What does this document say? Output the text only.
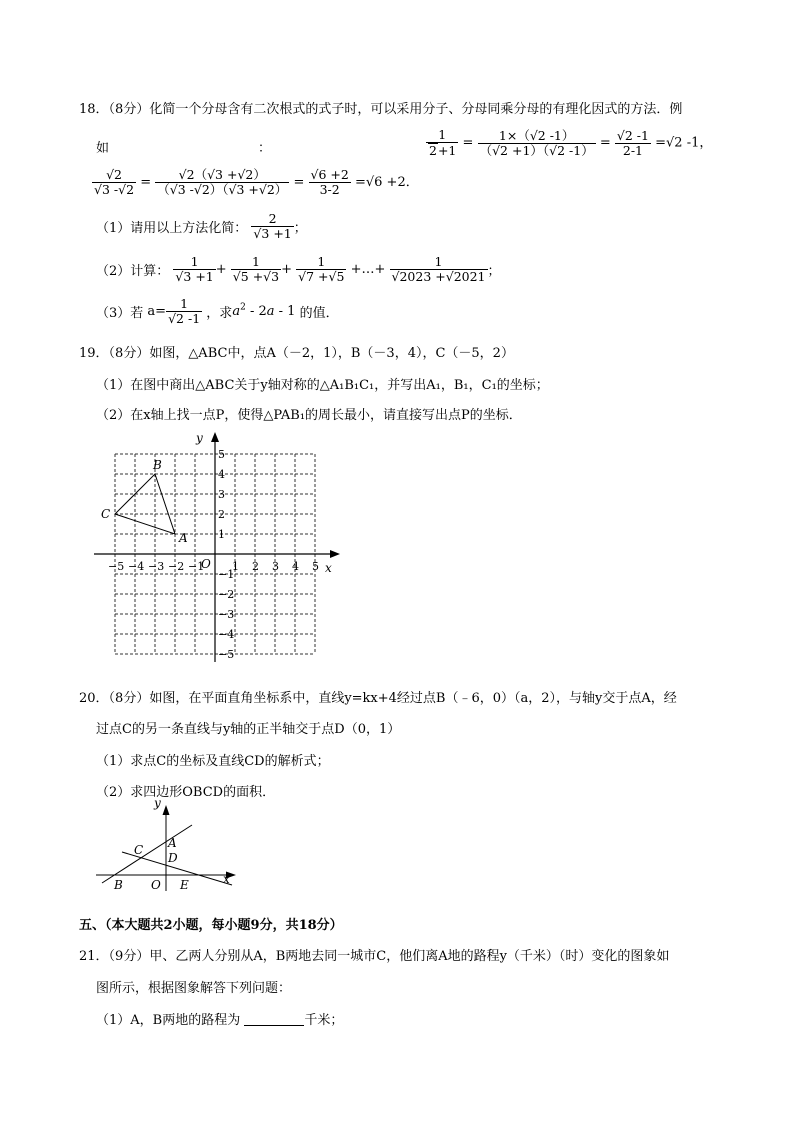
18．（8分）化简一个分母含有二次根式的式子时，可以采用分子、分母同乘分母的有理化因式的方法．例
如	：	$\frac{1}{2+1} = \frac{1\times(√2 -1)}{(√2 +1)(√2 -1)} = \frac{√2 -1}{2-1} =√2$ -1，
$\frac{√2}{√3 -√2} = \frac{√2(√3 +√2)}{(√3 -√2)(√3 +√2)} = \frac{√6 +2}{3-2} =√6 +2$．
（1）请用以上方法化简： $\frac{2}{√3 +1}$ ；
（2）计算： $\frac{1}{√3 +1} + \frac{1}{√5 +√3} + \frac{1}{√7 +√5}$ +…+ $\frac{1}{√2023 +√2021}$ ；
（3）若 $a= \frac{1}{√2 -1}$ ，求$a^2 - 2a - 1$ 的值．
19．（8分）如图，△ABC中，点A（－2，1），B（－3，4），C（－5，2）
（1）在图中商出△ABC关于y轴对称的△A₁B₁C₁，并写出A₁，B₁，C₁的坐标；
（2）在x轴上找一点P，使得△PAB₁的周长最小，请直接写出点P的坐标．
−5 −4 −3 −2 −1	1 2 3 4 5
5
4
3
2
1
−1
−2
−3
−4
−5
A
B
C
x
y
O
20．（8分）如图，在平面直角坐标系中，直线y=kx+4经过点B（﹣6，0）（a，2），与轴y交于点A，经
过点C的另一条直线与y轴的正半轴交于点D（0，1）
（1）求点C的坐标及直线CD的解析式；
（2）求四边形OBCD的面积．
y
x
A
C
D
B O E
五、（本大题共2小题，每小题9分，共18分）
21．（9分）甲、乙两人分别从A，B两地去同一城市C，他们离A地的路程y（千米）（时）变化的图象如
图所示，根据图象解答下列问题：
（1）A，B两地的路程为	千米；
